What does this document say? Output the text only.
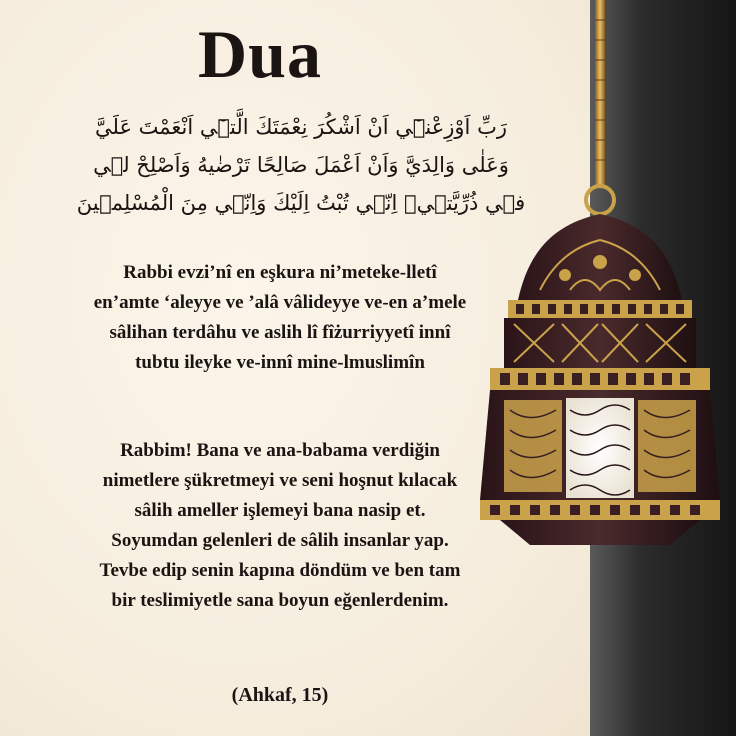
Dua
رَبِّ اَوْزِعْنٖٓي اَنْ اَشْكُرَ نِعْمَتَكَ الَّتٖٓي اَنْعَمْتَ عَلَيَّ
وَعَلٰى وَالِدَيَّ وَاَنْ اَعْمَلَ صَالِحًا تَرْضٰيهُ وَاَصْلِحْ لٖي
فٖي ذُرِّيَّتٖيۚ اِنّٖي تُبْتُ اِلَيْكَ وَاِنّٖي مِنَ الْمُسْلِمٖينَ
Rabbi evzi’nî en eşkura ni’meteke-lletî
en’amte ‘aleyye ve ’alâ vâlideyye ve-en a’mele
sâlihan terdâhu ve aslih lî fîżurriyyetî innî
tubtu ileyke ve-innî mine-lmuslimîn
Rabbim! Bana ve ana-babama verdiğin
nimetlere şükretmeyi ve seni hoşnut kılacak
sâlih ameller işlemeyi bana nasip et.
Soyumdan gelenleri de sâlih insanlar yap.
Tevbe edip senin kapına döndüm ve ben tam
bir teslimiyetle sana boyun eğenlerdenim.
(Ahkaf, 15)
